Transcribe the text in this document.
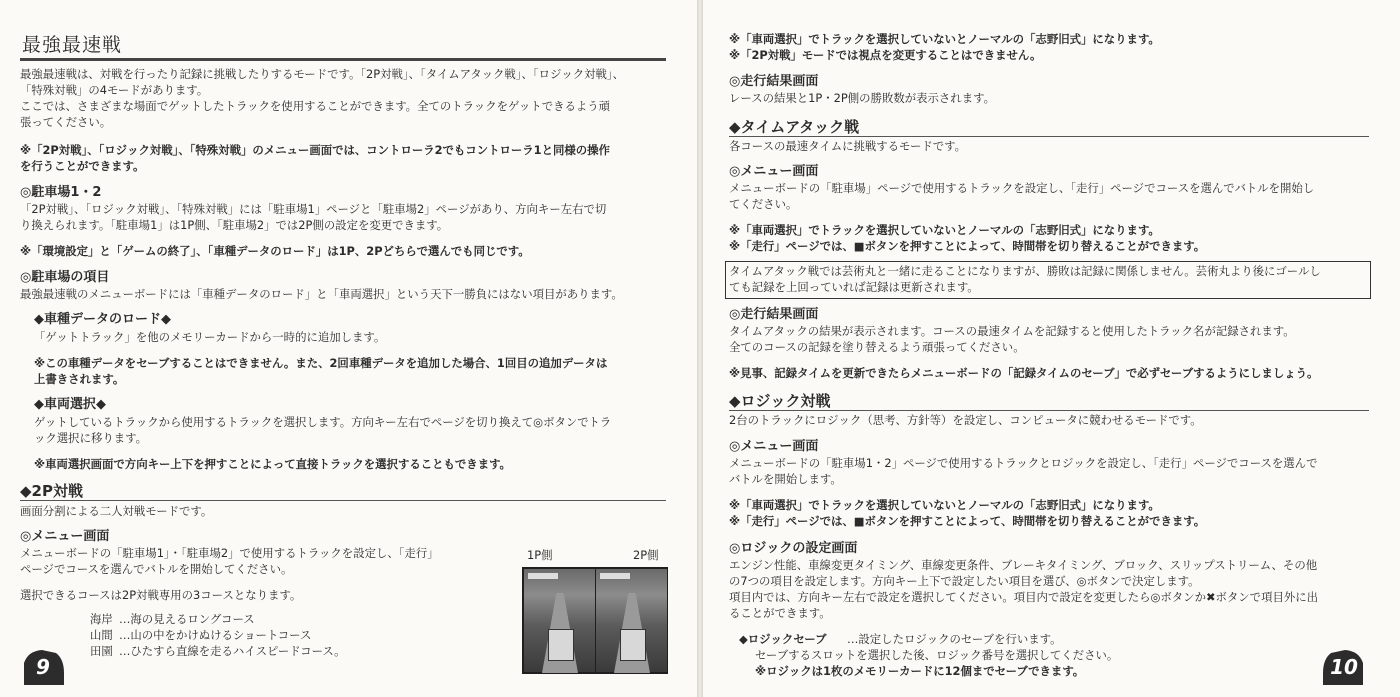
最強最速戦
最強最速戦は、対戦を行ったり記録に挑戦したりするモードです。「2P対戦」、「タイムアタック戦」、「ロジック対戦」、
「特殊対戦」の4モードがあります。
ここでは、さまざまな場面でゲットしたトラックを使用することができます。全てのトラックをゲットできるよう頑
張ってください。
※「2P対戦」、「ロジック対戦」、「特殊対戦」のメニュー画面では、コントローラ2でもコントローラ1と同様の操作
を行うことができます。
◎駐車場1・2
「2P対戦」、「ロジック対戦」、「特殊対戦」には「駐車場1」ページと「駐車場2」ページがあり、方向キー左右で切
り換えられます。「駐車場1」は1P側、「駐車場2」では2P側の設定を変更できます。
※「環境設定」と「ゲームの終了」、「車種データのロード」は1P、2Pどちらで選んでも同じです。
◎駐車場の項目
最強最速戦のメニューボードには「車種データのロード」と「車両選択」という天下一勝負にはない項目があります。
◆車種データのロード◆
「ゲットトラック」を他のメモリーカードから一時的に追加します。
※この車種データをセーブすることはできません。また、2回車種データを追加した場合、1回目の追加データは
上書きされます。
◆車両選択◆
ゲットしているトラックから使用するトラックを選択します。方向キー左右でページを切り換えて◎ボタンでトラ
ック選択に移ります。
※車両選択画面で方向キー上下を押すことによって直接トラックを選択することもできます。
◆2P対戦
画面分割による二人対戦モードです。
◎メニュー画面
メニューボードの「駐車場1」・「駐車場2」で使用するトラックを設定し、「走行」
ページでコースを選んでバトルを開始してください。
選択できるコースは2P対戦専用の3コースとなります。
海岸 …海の見えるロングコース
山間 …山の中をかけぬけるショートコース
田園 …ひたすら直線を走るハイスピードコース。
1P側	2P側
9
※「車両選択」でトラックを選択していないとノーマルの「志野旧式」になります。
※「2P対戦」モードでは視点を変更することはできません。
◎走行結果画面
レースの結果と1P・2P側の勝敗数が表示されます。
◆タイムアタック戦
各コースの最速タイムに挑戦するモードです。
◎メニュー画面
メニューボードの「駐車場」ページで使用するトラックを設定し、「走行」ページでコースを選んでバトルを開始し
てください。
※「車両選択」でトラックを選択していないとノーマルの「志野旧式」になります。
※「走行」ページでは、■ボタンを押すことによって、時間帯を切り替えることができます。
タイムアタック戦では芸術丸と一緒に走ることになりますが、勝敗は記録に関係しません。芸術丸より後にゴールし
ても記録を上回っていれば記録は更新されます。
◎走行結果画面
タイムアタックの結果が表示されます。コースの最速タイムを記録すると使用したトラック名が記録されます。
全てのコースの記録を塗り替えるよう頑張ってください。
※見事、記録タイムを更新できたらメニューボードの「記録タイムのセーブ」で必ずセーブするようにしましょう。
◆ロジック対戦
2台のトラックにロジック（思考、方針等）を設定し、コンピュータに競わせるモードです。
◎メニュー画面
メニューボードの「駐車場1・2」ページで使用するトラックとロジックを設定し、「走行」ページでコースを選んで
バトルを開始します。
※「車両選択」でトラックを選択していないとノーマルの「志野旧式」になります。
※「走行」ページでは、■ボタンを押すことによって、時間帯を切り替えることができます。
◎ロジックの設定画面
エンジン性能、車線変更タイミング、車線変更条件、ブレーキタイミング、ブロック、スリップストリーム、その他
の7つの項目を設定します。方向キー上下で設定したい項目を選び、◎ボタンで決定します。
項目内では、方向キー左右で設定を選択してください。項目内で設定を変更したら◎ボタンか✖ボタンで項目外に出
ることができます。
◆ロジックセーブ …設定したロジックのセーブを行います。
セーブするスロットを選択した後、ロジック番号を選択してください。
※ロジックは1枚のメモリーカードに12個までセーブできます。	10
